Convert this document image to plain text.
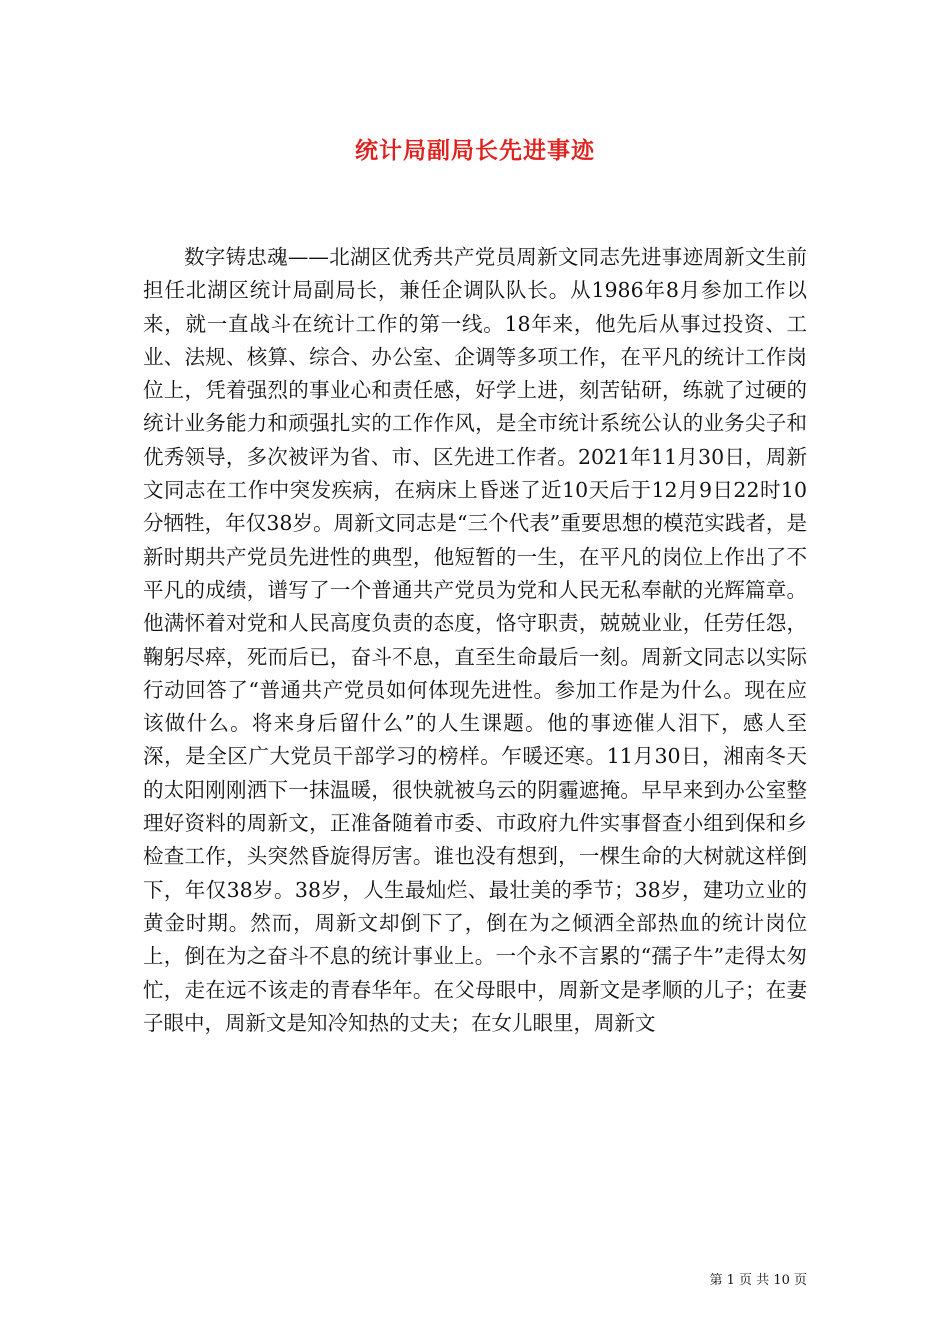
统计局副局长先进事迹

数字铸忠魂——北湖区优秀共产党员周新文同志先进事迹周新文生前担任北湖区统计局副局长，兼任企调队队长。从1986年8月参加工作以来，就一直战斗在统计工作的第一线。18年来，他先后从事过投资、工业、法规、核算、综合、办公室、企调等多项工作，在平凡的统计工作岗位上，凭着强烈的事业心和责任感，好学上进，刻苦钻研，练就了过硬的统计业务能力和顽强扎实的工作作风，是全市统计系统公认的业务尖子和优秀领导，多次被评为省、市、区先进工作者。2021年11月30日，周新文同志在工作中突发疾病，在病床上昏迷了近10天后于12月9日22时10分牺牲，年仅38岁。周新文同志是“三个代表”重要思想的模范实践者，是新时期共产党员先进性的典型，他短暂的一生，在平凡的岗位上作出了不平凡的成绩，谱写了一个普通共产党员为党和人民无私奉献的光辉篇章。他满怀着对党和人民高度负责的态度，恪守职责，兢兢业业，任劳任怨，鞠躬尽瘁，死而后已，奋斗不息，直至生命最后一刻。周新文同志以实际行动回答了“普通共产党员如何体现先进性。参加工作是为什么。现在应该做什么。将来身后留什么”的人生课题。他的事迹催人泪下，感人至深，是全区广大党员干部学习的榜样。乍暖还寒。11月30日，湘南冬天的太阳刚刚洒下一抹温暖，很快就被乌云的阴霾遮掩。早早来到办公室整理好资料的周新文，正准备随着市委、市政府九件实事督查小组到保和乡检查工作，头突然昏旋得厉害。谁也没有想到，一棵生命的大树就这样倒下，年仅38岁。38岁，人生最灿烂、最壮美的季节；38岁，建功立业的黄金时期。然而，周新文却倒下了，倒在为之倾洒全部热血的统计岗位上，倒在为之奋斗不息的统计事业上。一个永不言累的“孺子牛”走得太匆忙，走在远不该走的青春华年。在父母眼中，周新文是孝顺的儿子；在妻子眼中，周新文是知冷知热的丈夫；在女儿眼里，周新文

第 1 页 共 10 页
